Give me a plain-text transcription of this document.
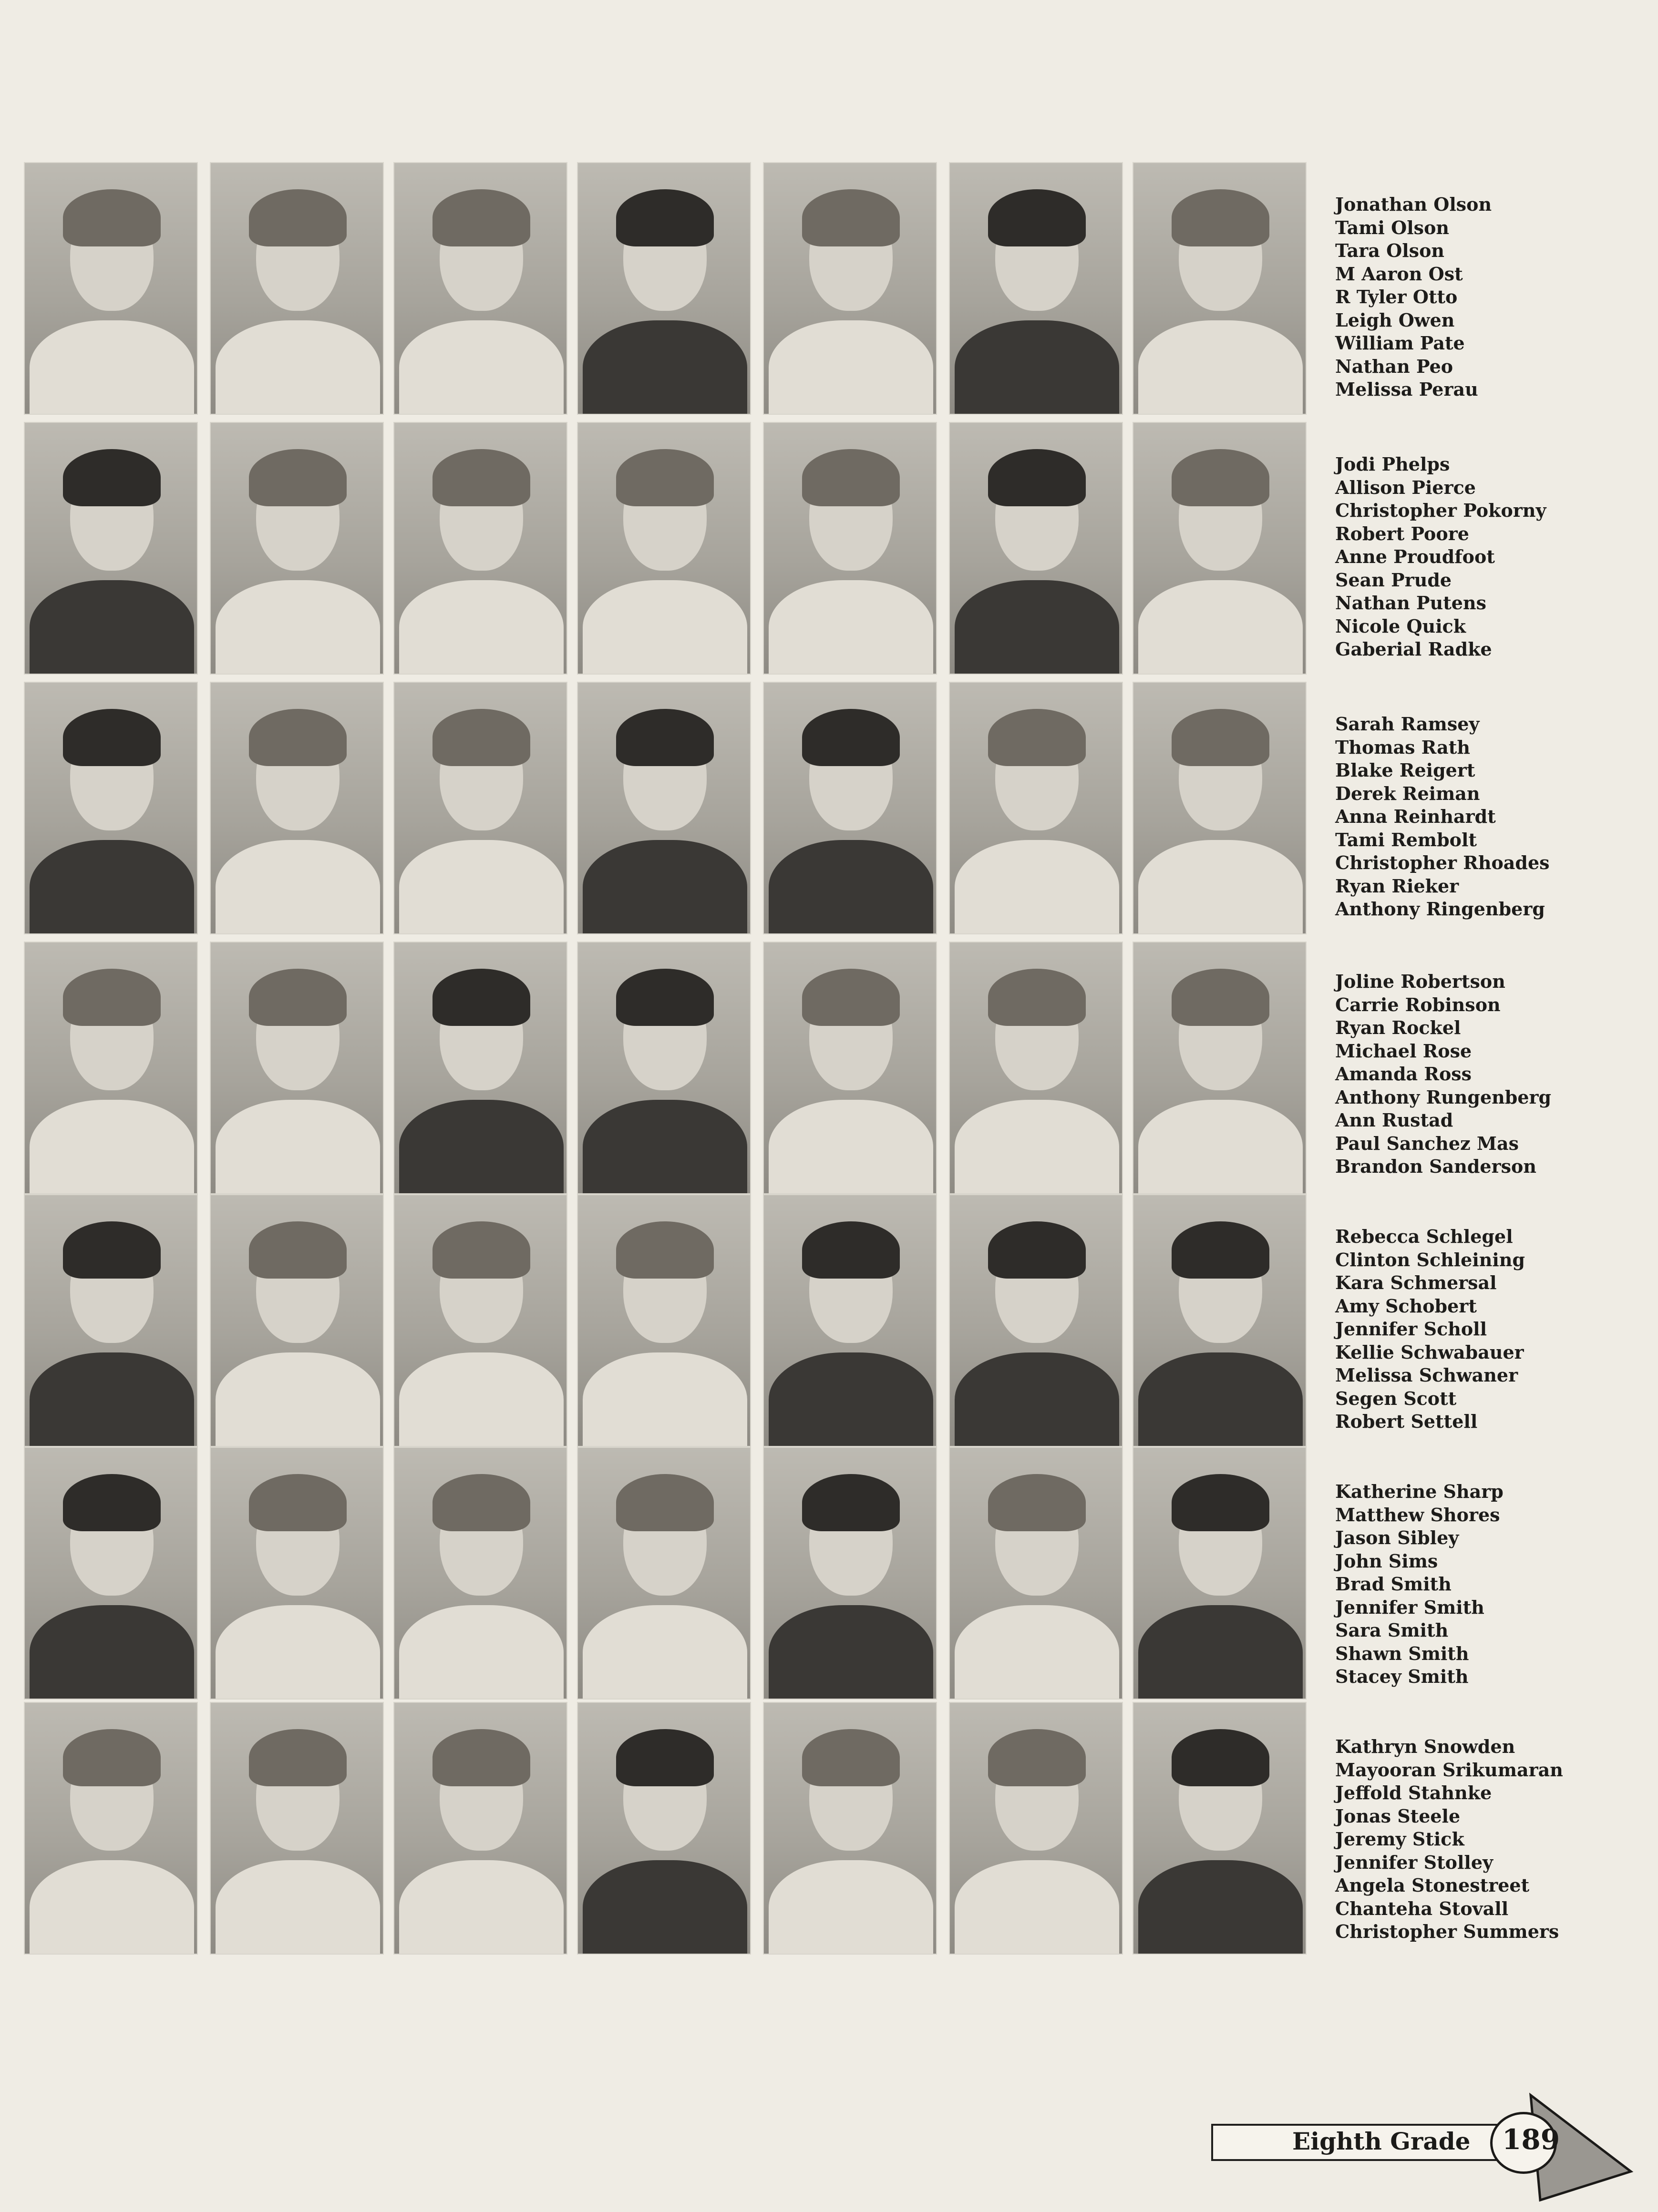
Jonathan Olson
Tami Olson
Tara Olson
M Aaron Ost
R Tyler Otto
Leigh Owen
William Pate
Nathan Peo
Melissa Perau
Jodi Phelps
Allison Pierce
Christopher Pokorny
Robert Poore
Anne Proudfoot
Sean Prude
Nathan Putens
Nicole Quick
Gaberial Radke
Sarah Ramsey
Thomas Rath
Blake Reigert
Derek Reiman
Anna Reinhardt
Tami Rembolt
Christopher Rhoades
Ryan Rieker
Anthony Ringenberg
Joline Robertson
Carrie Robinson
Ryan Rockel
Michael Rose
Amanda Ross
Anthony Rungenberg
Ann Rustad
Paul Sanchez Mas
Brandon Sanderson
Rebecca Schlegel
Clinton Schleining
Kara Schmersal
Amy Schobert
Jennifer Scholl
Kellie Schwabauer
Melissa Schwaner
Segen Scott
Robert Settell
Katherine Sharp
Matthew Shores
Jason Sibley
John Sims
Brad Smith
Jennifer Smith
Sara Smith
Shawn Smith
Stacey Smith
Kathryn Snowden
Mayooran Srikumaran
Jeffold Stahnke
Jonas Steele
Jeremy Stick
Jennifer Stolley
Angela Stonestreet
Chanteha Stovall
Christopher Summers
Eighth Grade 189
